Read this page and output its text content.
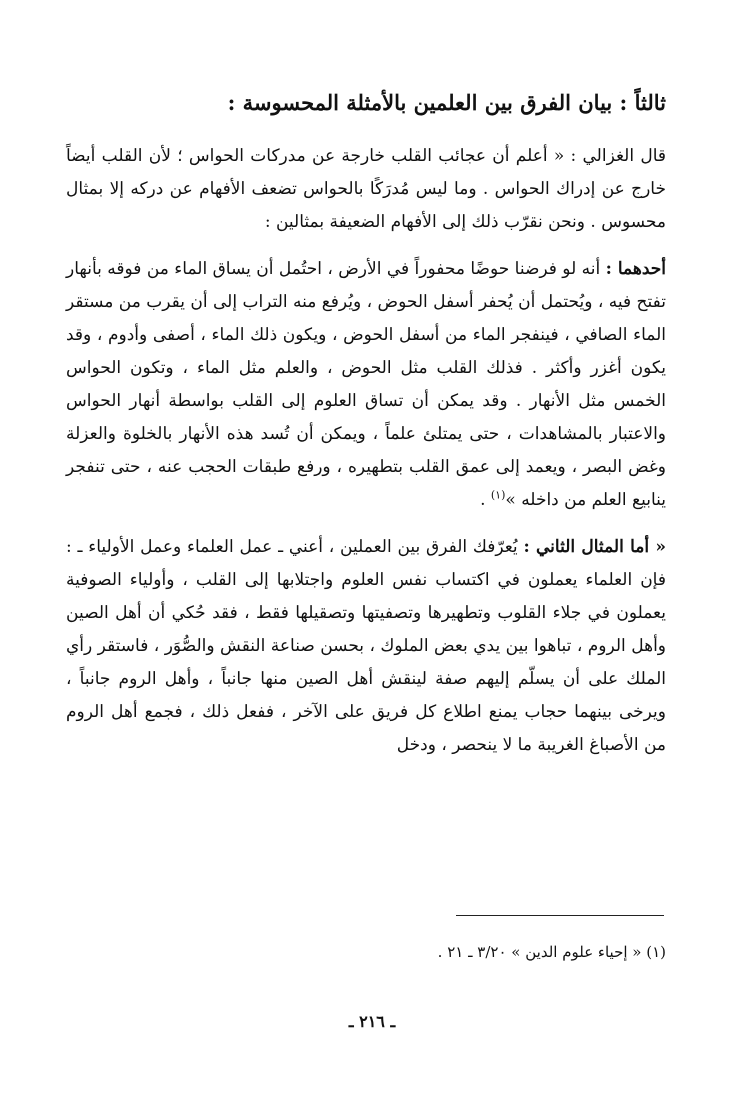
ثالثاً : بيان الفرق بين العلمين بالأمثلة المحسوسة :

قال الغزالي : « أعلم أن عجائب القلب خارجة عن مدركات الحواس ؛ لأن القلب أيضاً خارج عن إدراك الحواس . وما ليس مُدرَكًا بالحواس تضعف الأفهام عن دركه إلا بمثال محسوس . ونحن نقرّب ذلك إلى الأفهام الضعيفة بمثالين :

أحدهما : أنه لو فرضنا حوضًا محفوراً في الأرض ، احتُمل أن يساق الماء من فوقه بأنهار تفتح فيه ، ويُحتمل أن يُحفر أسفل الحوض ، ويُرفع منه التراب إلى أن يقرب من مستقر الماء الصافي ، فينفجر الماء من أسفل الحوض ، ويكون ذلك الماء ، أصفى وأدوم ، وقد يكون أغزر وأكثر . فذلك القلب مثل الحوض ، والعلم مثل الماء ، وتكون الحواس الخمس مثل الأنهار . وقد يمكن أن تساق العلوم إلى القلب بواسطة أنهار الحواس والاعتبار بالمشاهدات ، حتى يمتلئ علماً ، ويمكن أن تُسد هذه الأنهار بالخلوة والعزلة وغض البصر ، ويعمد إلى عمق القلب بتطهيره ، ورفع طبقات الحجب عنه ، حتى تنفجر ينابيع العلم من داخله »$^{(١)}$ .

« أما المثال الثاني : يُعرّفك الفرق بين العملين ، أعني ـ عمل العلماء وعمل الأولياء ـ : فإن العلماء يعملون في اكتساب نفس العلوم واجتلابها إلى القلب ، وأولياء الصوفية يعملون في جلاء القلوب وتطهيرها وتصفيتها وتصقيلها فقط ، فقد حُكي أن أهل الصين وأهل الروم ، تباهوا بين يدي بعض الملوك ، بحسن صناعة النقش والصُّوَر ، فاستقر رأي الملك على أن يسلّم إليهم صفة لينقش أهل الصين منها جانباً ، وأهل الروم جانباً ، ويرخى بينهما حجاب يمنع اطلاع كل فريق على الآخر ، ففعل ذلك ، فجمع أهل الروم من الأصباغ الغريبة ما لا ينحصر ، ودخل

(١) « إحياء علوم الدين » ٣/٢٠ ـ ٢١ .
ـ ٢١٦ ـ
